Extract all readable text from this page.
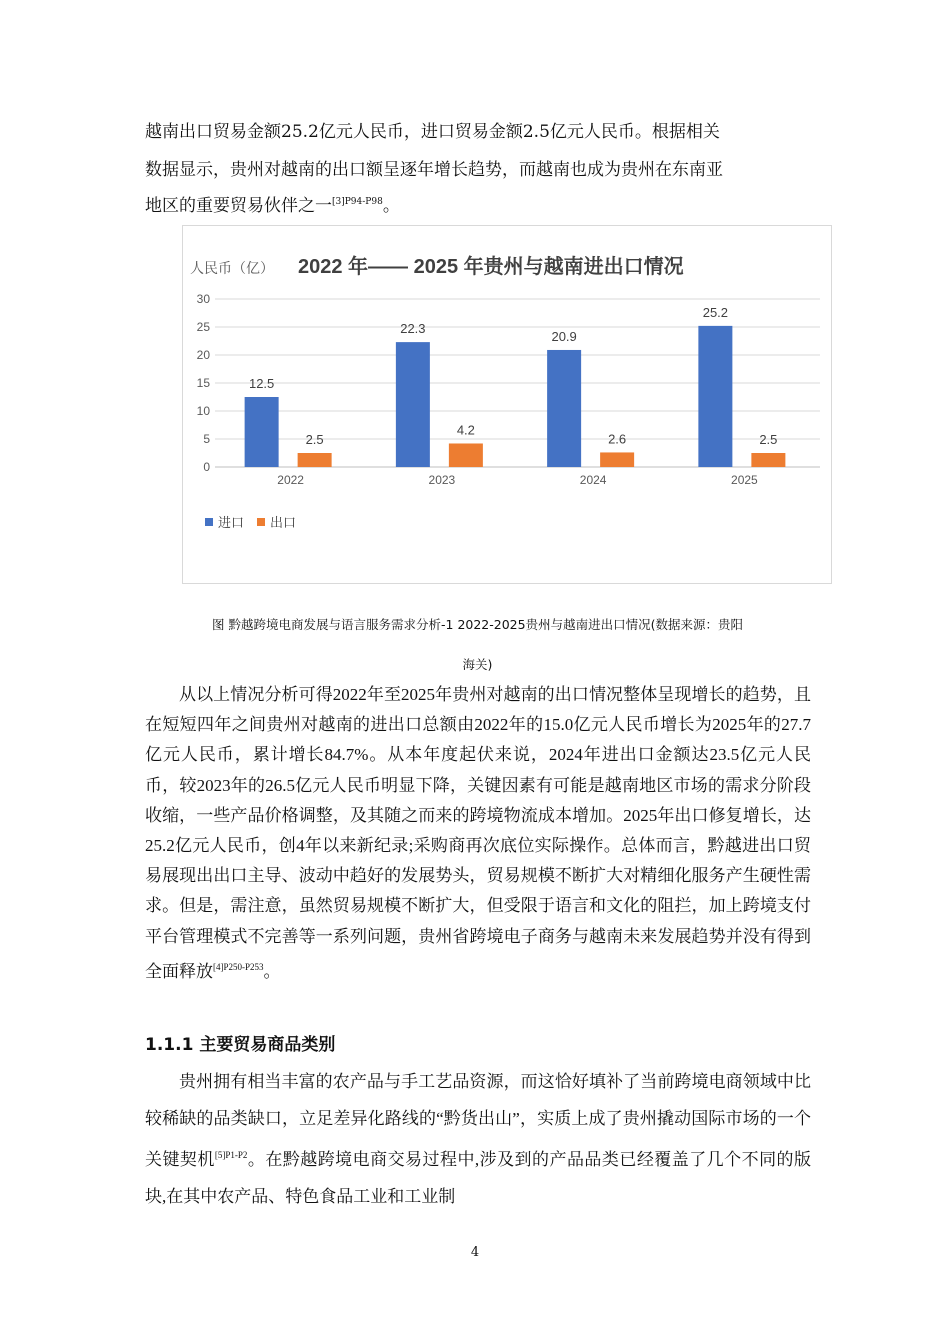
越南出口贸易金额25.2亿元人民币，进口贸易金额2.5亿元人民币。根据相关
数据显示，贵州对越南的出口额呈逐年增长趋势，而越南也成为贵州在东南亚
地区的重要贸易伙伴之一$^{[3]P94-P98}$。
人民币（亿） 2022 年—— 2025 年贵州与越南进出口情况
0
5
10
15
20
25
30
12.5
2.5
2022
22.3
4.2
2023
20.9
2.6
2024
25.2
2.5
2025
进口 出口
图 黔越跨境电商发展与语言服务需求分析-1 2022-2025贵州与越南进出口情况(数据来源：贵阳
海关)

从以上情况分析可得2022年至2025年贵州对越南的出口情况整体呈现增长的趋势，且在短短四年之间贵州对越南的进出口总额由2022年的15.0亿元人民币增长为2025年的27.7亿元人民币，累计增长84.7%。从本年度起伏来说，2024年进出口金额达23.5亿元人民币，较2023年的26.5亿元人民币明显下降，关键因素有可能是越南地区市场的需求分阶段收缩，一些产品价格调整，及其随之而来的跨境物流成本增加。2025年出口修复增长，达25.2亿元人民币，创4年以来新纪录;采购商再次底位实际操作。总体而言，黔越进出口贸易展现出出口主导、波动中趋好的发展势头，贸易规模不断扩大对精细化服务产生硬性需求。但是，需注意，虽然贸易规模不断扩大，但受限于语言和文化的阻拦，加上跨境支付平台管理模式不完善等一系列问题，贵州省跨境电子商务与越南未来发展趋势并没有得到全面释放$^{[4]P250-P253}$。

1.1.1 主要贸易商品类别

贵州拥有相当丰富的农产品与手工艺品资源，而这恰好填补了当前跨境电商领域中比较稀缺的品类缺口，立足差异化路线的“黔货出山”，实质上成了贵州撬动国际市场的一个关键契机$^{[5]P1-P2}$。在黔越跨境电商交易过程中,涉及到的产品品类已经覆盖了几个不同的版块,在其中农产品、特色食品工业和工业制

4
